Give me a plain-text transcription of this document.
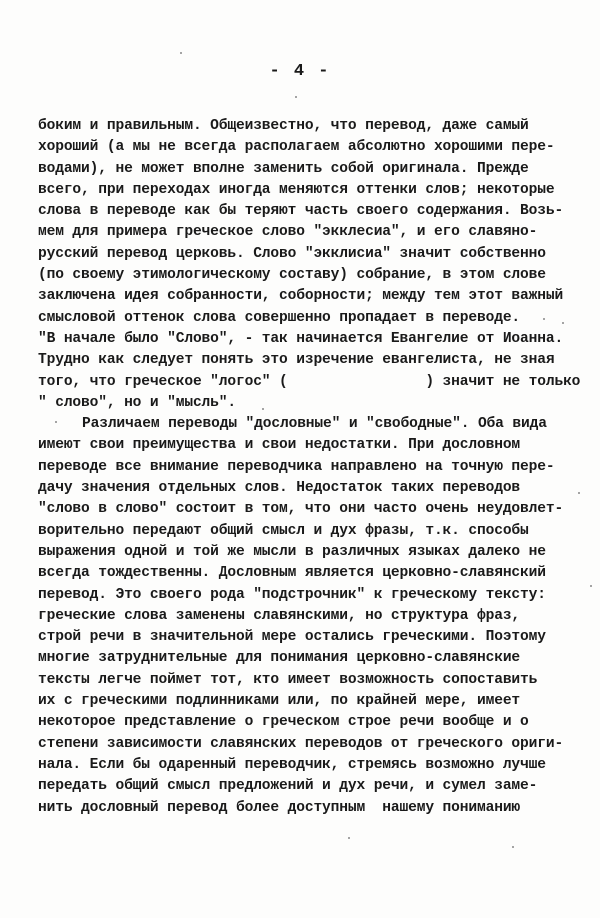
- 4 -
боким и правильным. Общеизвестно, что перевод, даже самый
хороший (а мы не всегда располагаем абсолютно хорошими пере-
водами), не может вполне заменить собой оригинала. Прежде
всего, при переходах иногда меняются оттенки слов; некоторые
слова в переводе как бы теряют часть своего содержания. Возь-
мем для примера греческое слово "экклесиа", и его славяно-
русский перевод церковь. Слово "экклисиа" значит собственно
(по своему этимологическому составу) собрание, в этом слове
заключена идея собранности, соборности; между тем этот важный
смысловой оттенок слова совершенно пропадает в переводе.
"В начале было "Слово", - так начинается Евангелие от Иоанна.
Трудно как следует понять это изречение евангелиста, не зная
того, что греческое "логос" (                ) значит не только
" слово", но и "мысль".
Различаем переводы "дословные" и "свободные". Оба вида
имеют свои преимущества и свои недостатки. При дословном
переводе все внимание переводчика направлено на точную пере-
дачу значения отдельных слов. Недостаток таких переводов
"слово в слово" состоит в том, что они часто очень неудовлет-
ворительно передают общий смысл и дух фразы, т.к. способы
выражения одной и той же мысли в различных языках далеко не
всегда тождественны. Дословным является церковно-славянский
перевод. Это своего рода "подстрочник" к греческому тексту:
греческие слова заменены славянскими, но структура фраз,
строй речи в значительной мере остались греческими. Поэтому
многие затруднительные для понимания церковно-славянские
тексты легче поймет тот, кто имеет возможность сопоставить
их с греческими подлинниками или, по крайней мере, имеет
некоторое представление о греческом строе речи вообще и о
степени зависимости славянских переводов от греческого ориги-
нала. Если бы одаренный переводчик, стремясь возможно лучше
передать общий смысл предложений и дух речи, и сумел заме-
нить дословный перевод более доступным  нашему пониманию
